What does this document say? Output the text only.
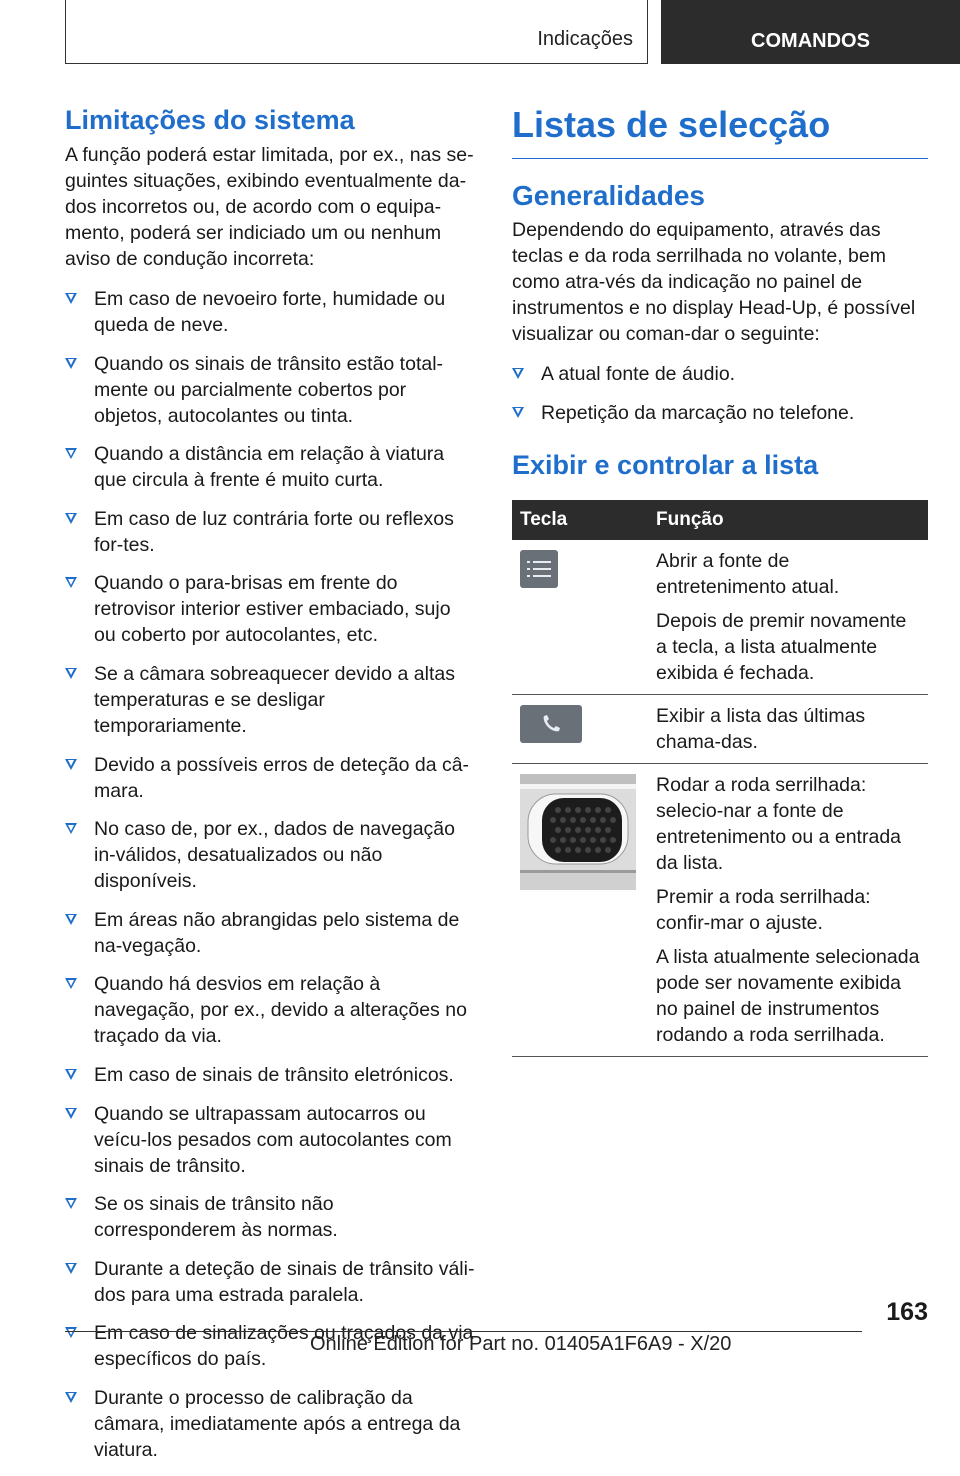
Indicações	COMANDOS
Limitações do sistema

A função poderá estar limitada, por ex., nas se-guintes situações, exibindo eventualmente da-dos incorretos ou, de acordo com o equipa-mento, poderá ser indiciado um ou nenhum aviso de condução incorreta:

Em caso de nevoeiro forte, humidade ou queda de neve.
Quando os sinais de trânsito estão total-mente ou parcialmente cobertos por objetos, autocolantes ou tinta.
Quando a distância em relação à viatura que circula à frente é muito curta.
Em caso de luz contrária forte ou reflexos for-tes.
Quando o para-brisas em frente do retrovisor interior estiver embaciado, sujo ou coberto por autocolantes, etc.
Se a câmara sobreaquecer devido a altas temperaturas e se desligar temporariamente.
Devido a possíveis erros de deteção da câ-mara.
No caso de, por ex., dados de navegação in-válidos, desatualizados ou não disponíveis.
Em áreas não abrangidas pelo sistema de na-vegação.
Quando há desvios em relação à navegação, por ex., devido a alterações no traçado da via.
Em caso de sinais de trânsito eletrónicos.
Quando se ultrapassam autocarros ou veícu-los pesados com autocolantes com sinais de trânsito.
Se os sinais de trânsito não corresponderem às normas.
Durante a deteção de sinais de trânsito váli-dos para uma estrada paralela.
Em caso de sinalizações ou traçados da via específicos do país.
Durante o processo de calibração da câmara, imediatamente após a entrega da viatura.
Listas de selecção
Generalidades

Dependendo do equipamento, através das teclas e da roda serrilhada no volante, bem como atra-vés da indicação no painel de instrumentos e no display Head-Up, é possível visualizar ou coman-dar o seguinte:

A atual fonte de áudio.
Repetição da marcação no telefone.
Exibir e controlar a lista
Tecla	Função

Abrir a fonte de entretenimento atual.

Depois de premir novamente a tecla, a lista atualmente exibida é fechada.

Exibir a lista das últimas chama-das.

Rodar a roda serrilhada: selecio-nar a fonte de entretenimento ou a entrada da lista.

Premir a roda serrilhada: confir-mar o ajuste.

A lista atualmente selecionada pode ser novamente exibida no painel de instrumentos rodando a roda serrilhada.

163
Online Edition for Part no. 01405A1F6A9 - X/20
